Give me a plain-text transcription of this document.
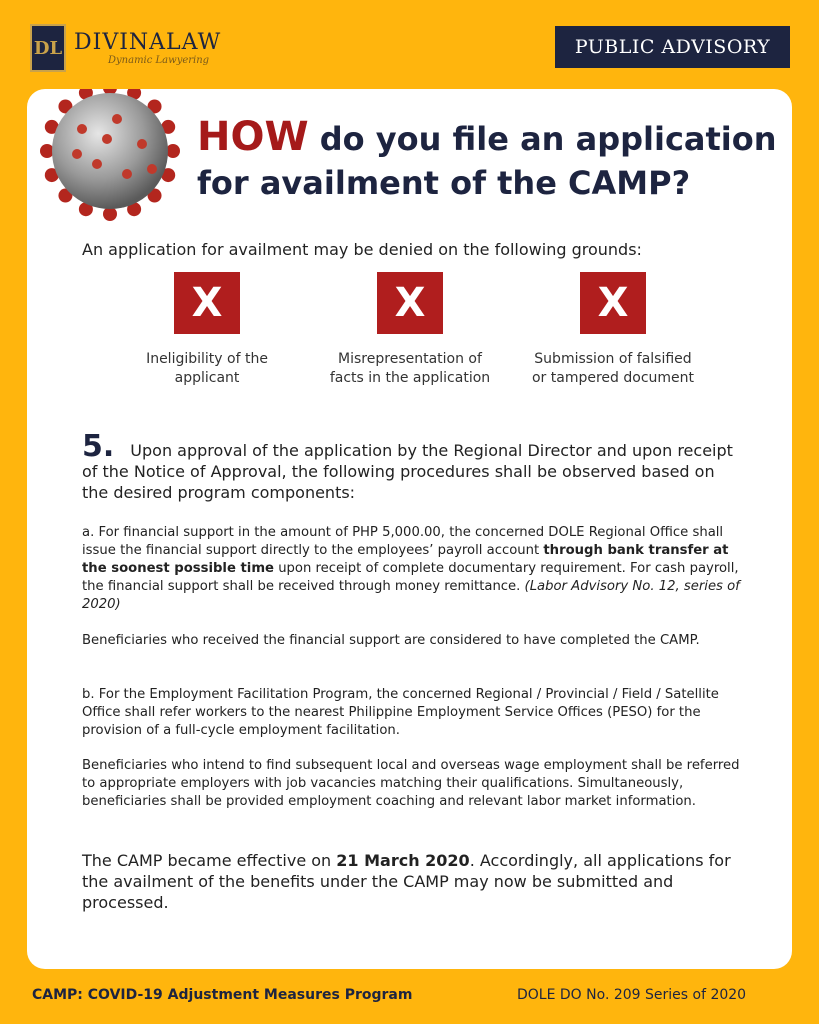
DL DIVINALAW
Dynamic Lawyering
PUBLIC ADVISORY
HOW do you file an application
for availment of the CAMP?
An application for availment may be denied on the following grounds:
X
Ineligibility of the applicant
X
Misrepresentation of facts in the application
X
Submission of falsified or tampered document
5. Upon approval of the application by the Regional Director and upon receipt of the Notice of Approval, the following procedures shall be observed based on the desired program components:
a. For financial support in the amount of PHP 5,000.00, the concerned DOLE Regional Office shall issue the financial support directly to the employees’ payroll account through bank transfer at the soonest possible time upon receipt of complete documentary requirement. For cash payroll, the financial support shall be received through money remittance. (Labor Advisory No. 12, series of 2020)
Beneficiaries who received the financial support are considered to have completed the CAMP.
b. For the Employment Facilitation Program, the concerned Regional / Provincial / Field / Satellite Office shall refer workers to the nearest Philippine Employment Service Offices (PESO) for the provision of a full-cycle employment facilitation.
Beneficiaries who intend to find subsequent local and overseas wage employment shall be referred to appropriate employers with job vacancies matching their qualifications. Simultaneously, beneficiaries shall be provided employment coaching and relevant labor market information.
The CAMP became effective on 21 March 2020. Accordingly, all applications for the availment of the benefits under the CAMP may now be submitted and processed.
CAMP: COVID-19 Adjustment Measures Program	DOLE DO No. 209 Series of 2020
